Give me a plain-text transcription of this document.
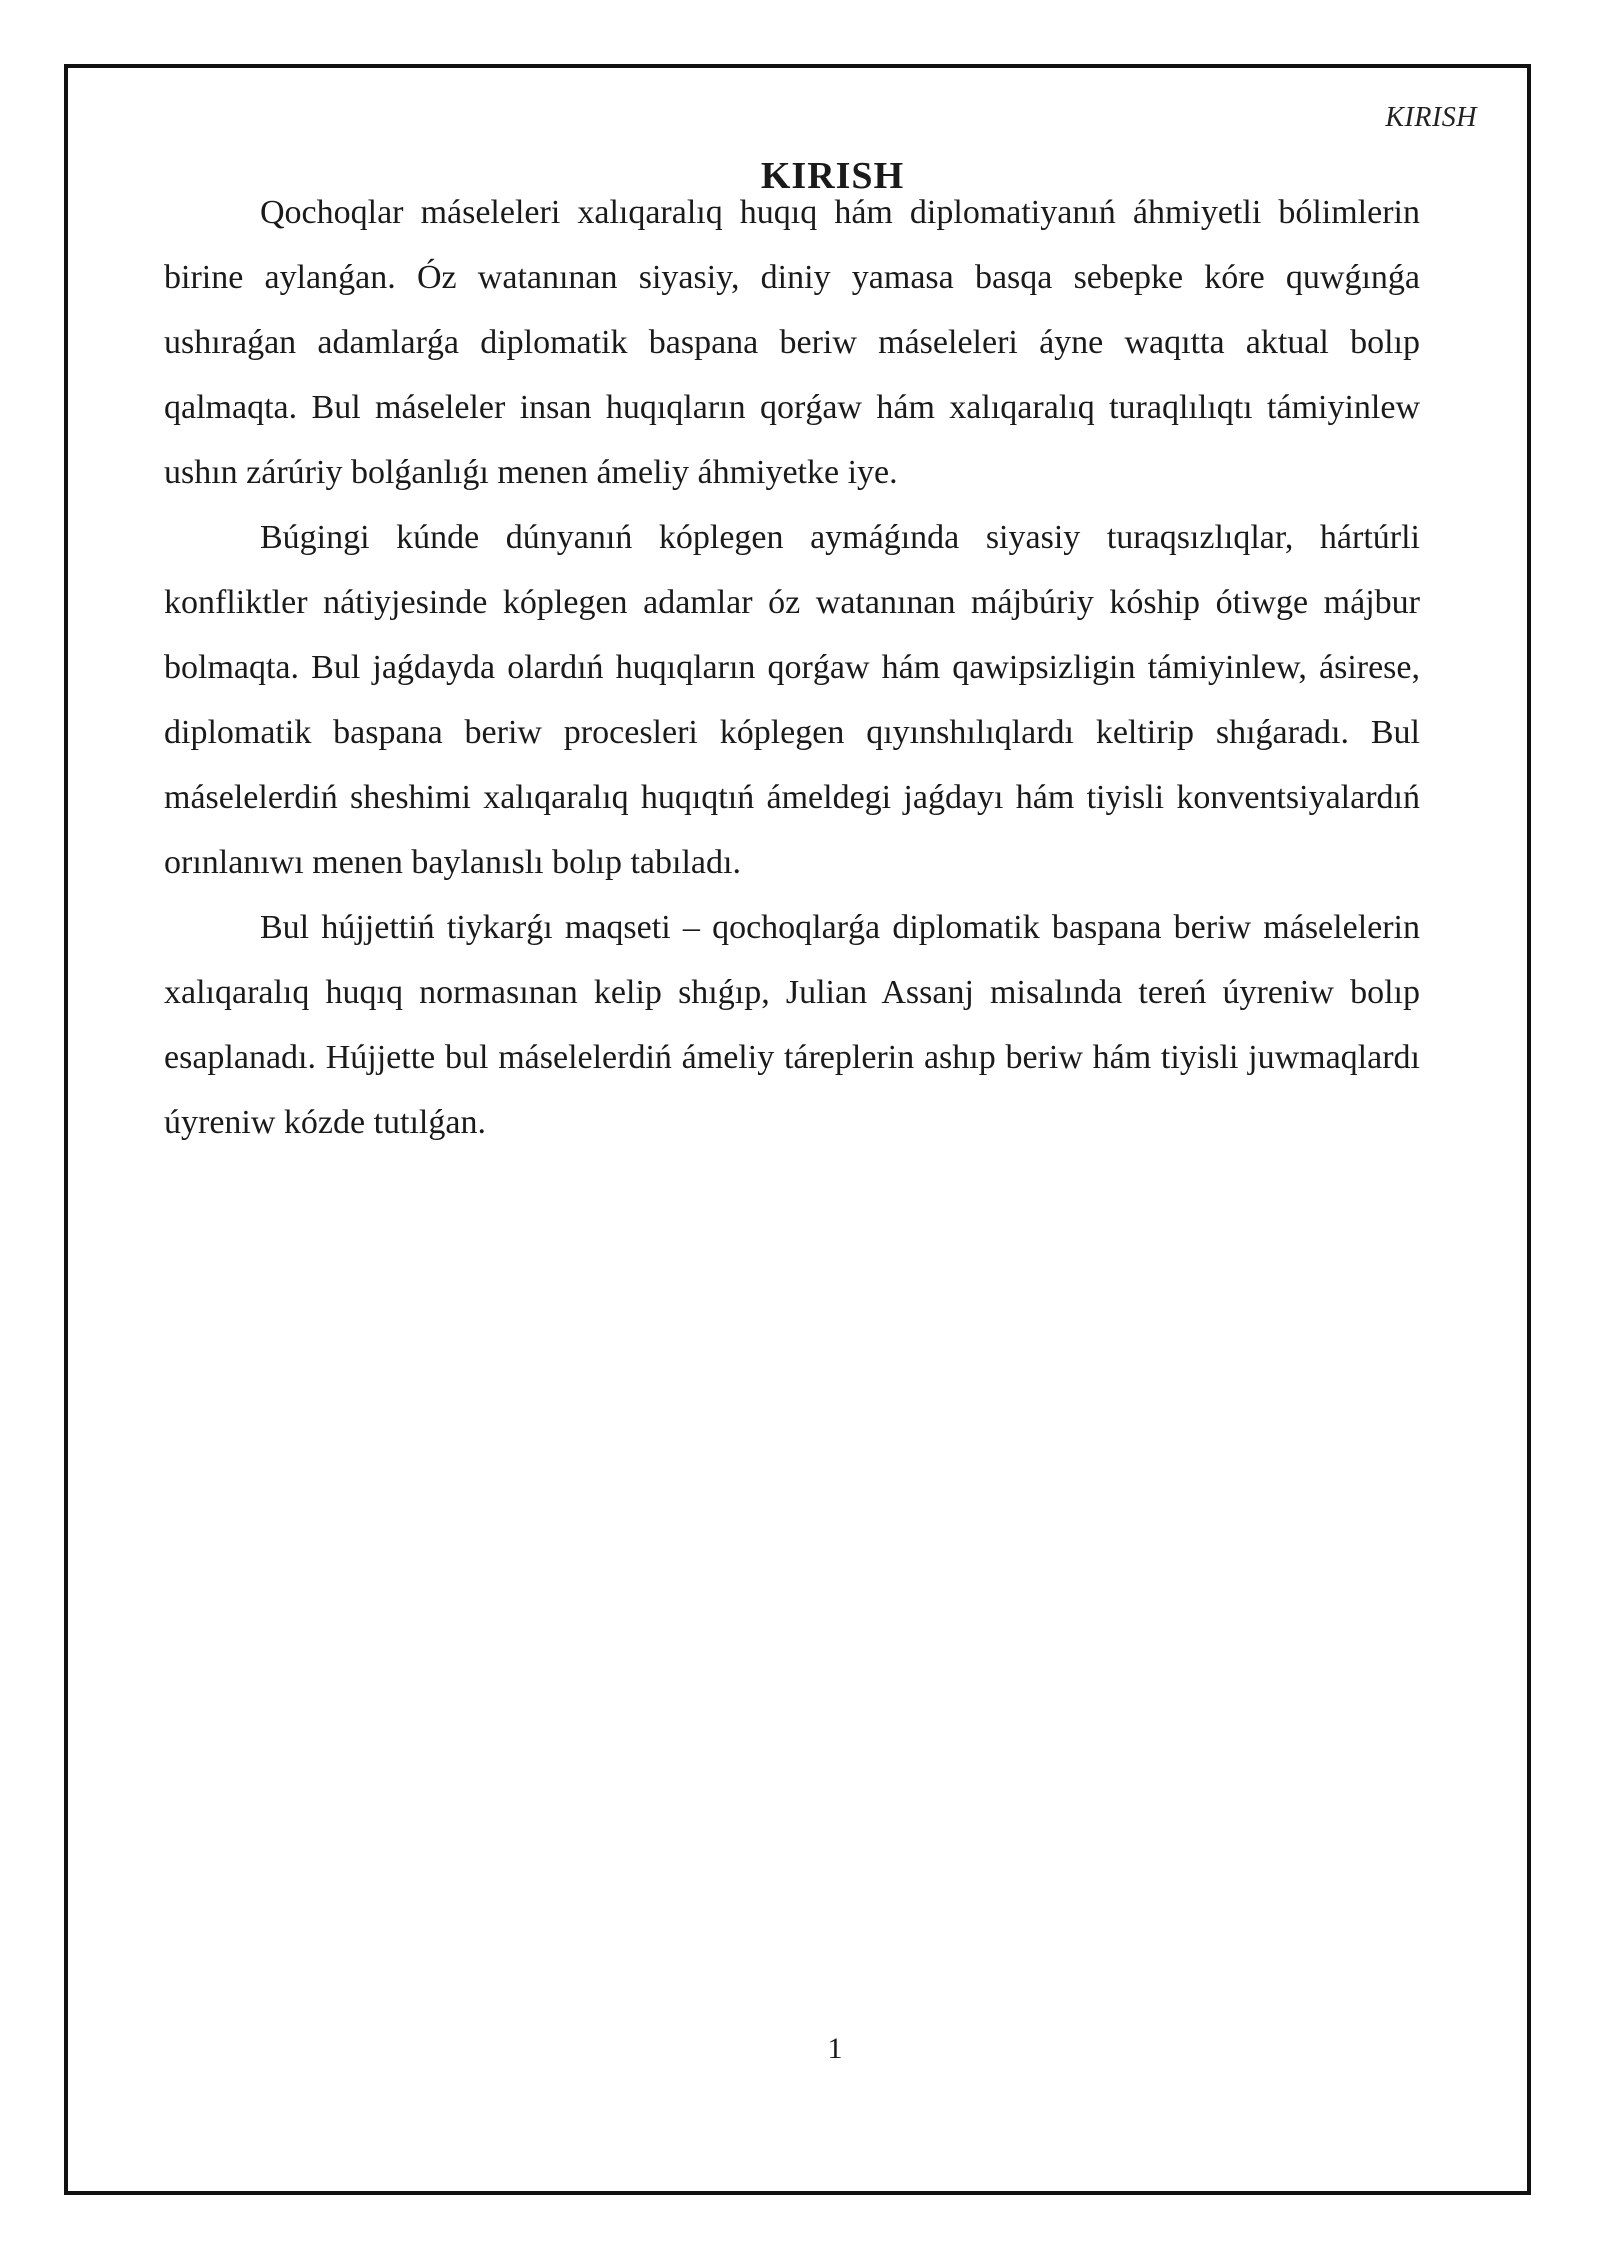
KIRISH
KIRISH

Qochoqlar máseleleri xalıqaralıq huqıq hám diplomatiyanıń áhmiyetli bólimlerin birine aylanǵan. Óz watanınan siyasiy, diniy yamasa basqa sebepke kóre quwǵınǵa ushıraǵan adamlarǵa diplomatik baspana beriw máseleleri áyne waqıtta aktual bolıp qalmaqta. Bul máseleler insan huqıqların qorǵaw hám xalıqaralıq turaqlılıqtı támiyinlew ushın zárúriy bolǵanlıǵı menen ámeliy áhmiyetke iye.

Búgingi kúnde dúnyanıń kóplegen aymáǵında siyasiy turaqsızlıqlar, hártúrli konfliktler nátiyjesinde kóplegen adamlar óz watanınan májbúriy kóship ótiwge májbur bolmaqta. Bul jaǵdayda olardıń huqıqların qorǵaw hám qawipsizligin támiyinlew, ásirese, diplomatik baspana beriw procesleri kóplegen qıyınshılıqlardı keltirip shıǵaradı. Bul máselelerdiń sheshimi xalıqaralıq huqıqtıń ámeldegi jaǵdayı hám tiyisli konventsiyalardıń orınlanıwı menen baylanıslı bolıp tabıladı.

Bul hújjettiń tiykarǵı maqseti – qochoqlarǵa diplomatik baspana beriw máselelerin xalıqaralıq huqıq normasınan kelip shıǵıp, Julian Assanj misalında tereń úyreniw bolıp esaplanadı. Hújjette bul máselelerdiń ámeliy táreplerin ashıp beriw hám tiyisli juwmaqlardı úyreniw kózde tutılǵan.

1
